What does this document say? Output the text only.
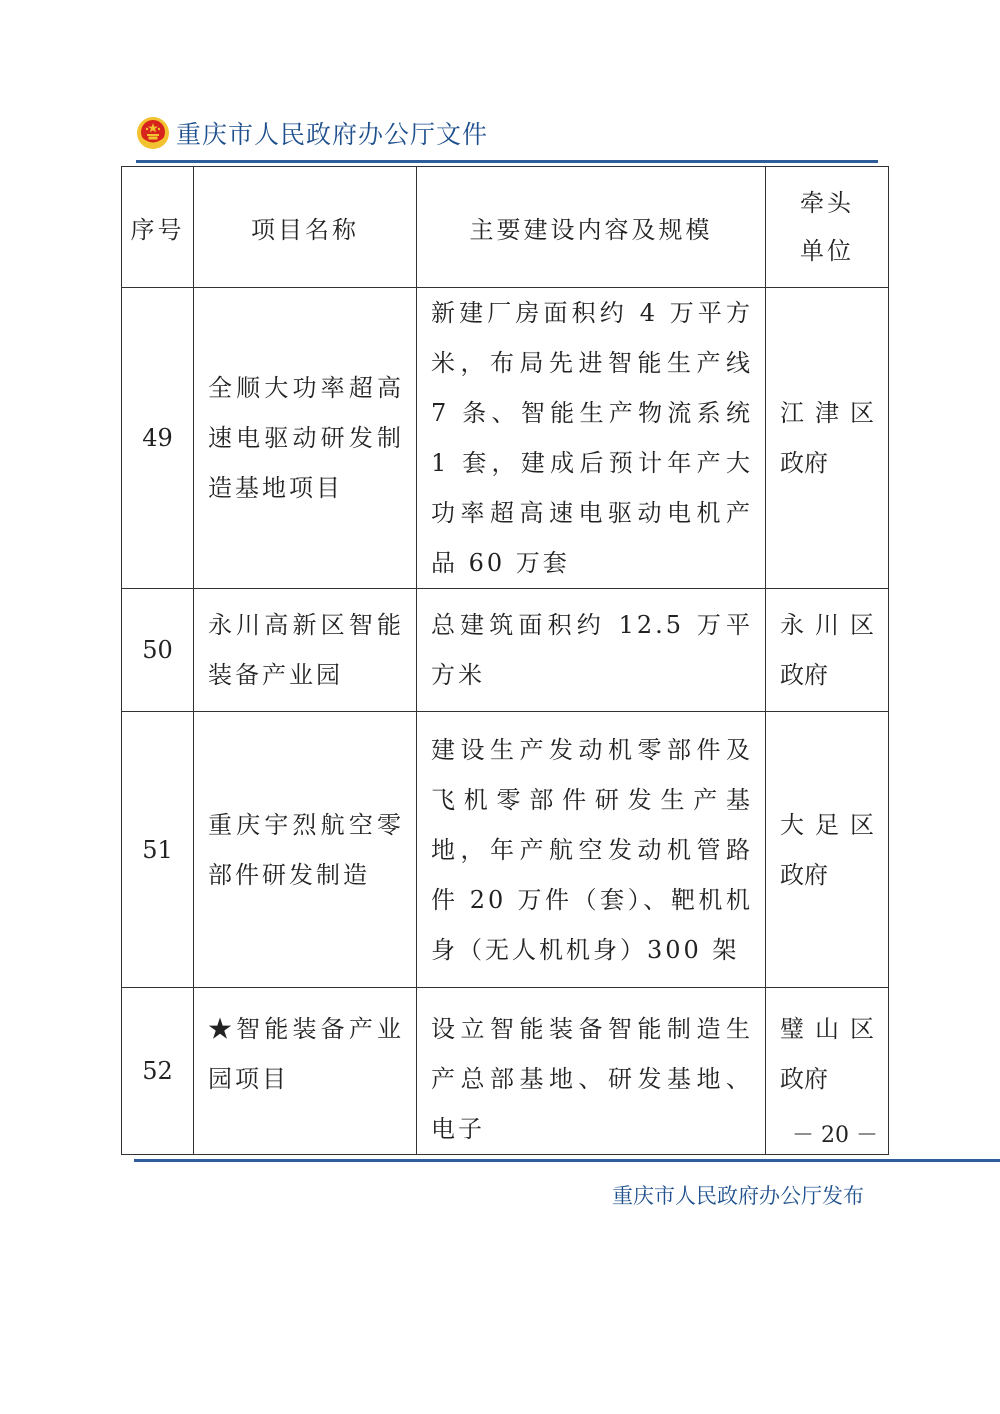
重庆市人民政府办公厅文件
序号	项目名称	主要建设内容及规模	牵头单位

49	全顺大功率超高速电驱动研发制造基地项目	新建厂房面积约 4 万平方米，布局先进智能生产线 7 条、智能生产物流系统 1 套，建成后预计年产大功率超高速电驱动电机产品 60 万套	江 津 区
政府

50	永川高新区智能装备产业园	总建筑面积约 12.5 万平方米	永 川 区
政府

51	重庆宇烈航空零部件研发制造	建设生产发动机零部件及飞机零部件研发生产基地，年产航空发动机管路件 20 万件（套）、靶机机身（无人机机身）300 架	大 足 区
政府

52	★智能装备产业园项目	设立智能装备智能制造生产总部基地、研发基地、电子	璧 山 区
政府
－ 20 －
重庆市人民政府办公厅发布
